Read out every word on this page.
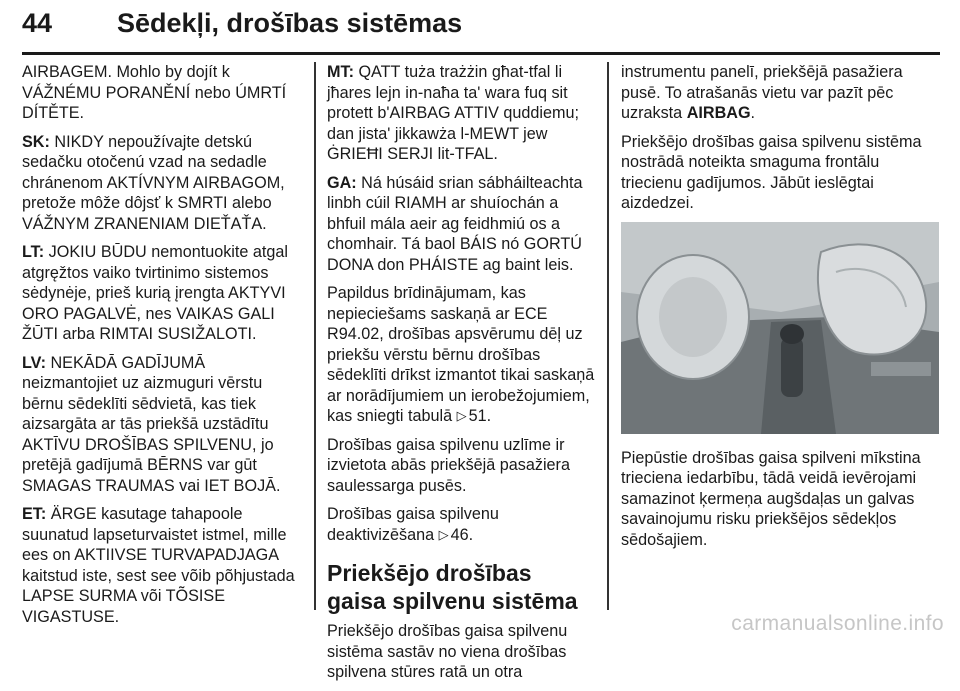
44 Sēdekļi, drošības sistēmas

AIRBAGEM. Mohlo by dojít k VÁŽNÉMU PORANĚNÍ nebo ÚMRTÍ DÍTĚTE.

SK: NIKDY nepoužívajte detskú sedačku otočenú vzad na sedadle chránenom AKTÍVNYM AIRBAGOM, pretože môže dôjsť k SMRTI alebo VÁŽNYM ZRANENIAM DIEŤAŤA.

LT: JOKIU BŪDU nemontuokite atgal atgręžtos vaiko tvirtinimo sistemos sėdynėje, prieš kurią įrengta AKTYVI ORO PAGALVĖ, nes VAIKAS GALI ŽŪTI arba RIMTAI SUSIŽALOTI.

LV: NEKĀDĀ GADĪJUMĀ neizmantojiet uz aizmuguri vērstu bērnu sēdeklīti sēdvietā, kas tiek aizsargāta ar tās priekšā uzstādītu AKTĪVU DROŠĪBAS SPILVENU, jo pretējā gadījumā BĒRNS var gūt SMAGAS TRAUMAS vai IET BOJĀ.

ET: ÄRGE kasutage tahapoole suunatud lapseturvaistet istmel, mille ees on AKTIIVSE TURVAPADJAGA kaitstud iste, sest see võib põhjustada LAPSE SURMA või TÕSISE VIGASTUSE.

MT: QATT tuża trażżin għat-tfal li jħares lejn in-naħa ta' wara fuq sit protett b'AIRBAG ATTIV quddiemu; dan jista' jikkawża l-MEWT jew ĠRIEĦI SERJI lit-TFAL.

GA: Ná húsáid srian sábháilteachta linbh cúil RIAMH ar shuíochán a bhfuil mála aeir ag feidhmiú os a chomhair. Tá baol BÁIS nó GORTÚ DONA don PHÁISTE ag baint leis.

Papildus brīdinājumam, kas nepieciešams saskaņā ar ECE R94.02, drošības apsvērumu dēļ uz priekšu vērstu bērnu drošības sēdeklīti drīkst izmantot tikai saskaņā ar norādījumiem un ierobežojumiem, kas sniegti tabulā ▷ 51.

Drošības gaisa spilvenu uzlīme ir izvietota abās priekšējā pasažiera saulessarga pusēs.

Drošības gaisa spilvenu deaktivizēšana ▷ 46.

Priekšējo drošības gaisa spilvenu sistēma

Priekšējo drošības gaisa spilvenu sistēma sastāv no viena drošības spilvena stūres ratā un otra

instrumentu panelī, priekšējā pasažiera pusē. To atrašanās vietu var pazīt pēc uzraksta AIRBAG.

Priekšējo drošības gaisa spilvenu sistēma nostrādā noteikta smaguma frontālu triecienu gadījumos. Jābūt ieslēgtai aizdedzei.

Piepūstie drošības gaisa spilveni mīkstina trieciena iedarbību, tādā veidā ievērojami samazinot ķermeņa augšdaļas un galvas savainojumu risku priekšējos sēdekļos sēdošajiem.

carmanualsonline.info
